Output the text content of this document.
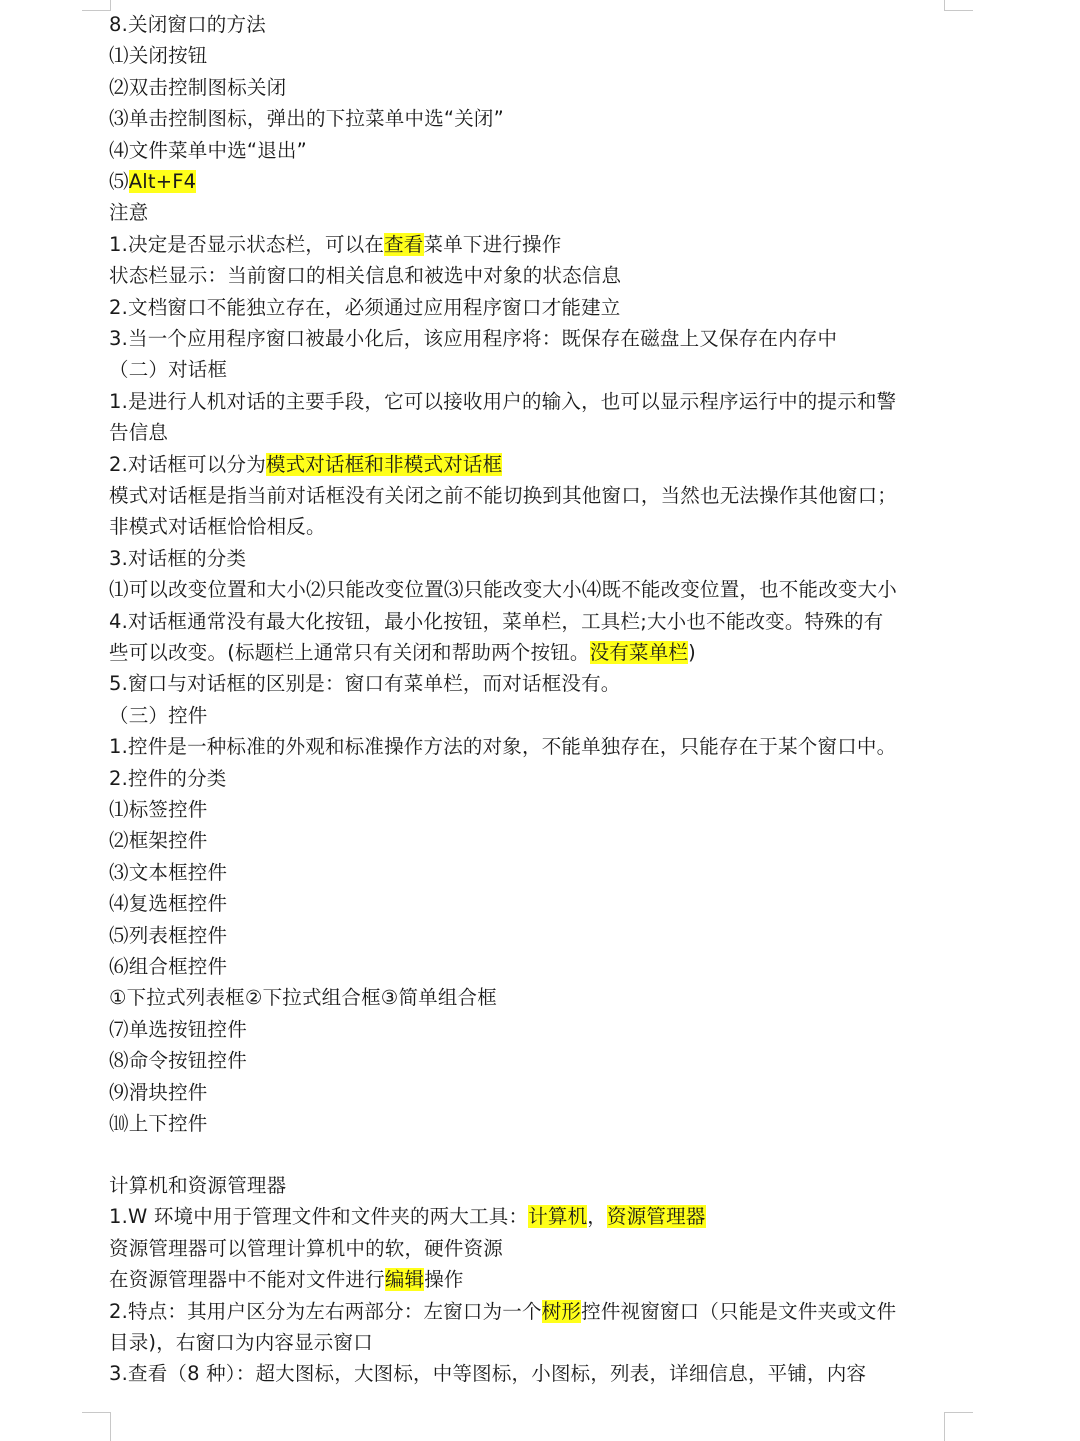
8.关闭窗口的方法
⑴关闭按钮
⑵双击控制图标关闭
⑶单击控制图标，弹出的下拉菜单中选“关闭”
⑷文件菜单中选“退出”
⑸Alt+F4
注意
1.决定是否显示状态栏，可以在查看菜单下进行操作
状态栏显示：当前窗口的相关信息和被选中对象的状态信息
2.文档窗口不能独立存在，必须通过应用程序窗口才能建立
3.当一个应用程序窗口被最小化后，该应用程序将：既保存在磁盘上又保存在内存中
（二）对话框
1.是进行人机对话的主要手段，它可以接收用户的输入，也可以显示程序运行中的提示和警
告信息
2.对话框可以分为模式对话框和非模式对话框
模式对话框是指当前对话框没有关闭之前不能切换到其他窗口，当然也无法操作其他窗口；
非模式对话框恰恰相反。
3.对话框的分类
⑴可以改变位置和大小⑵只能改变位置⑶只能改变大小⑷既不能改变位置，也不能改变大小
4.对话框通常没有最大化按钮，最小化按钮，菜单栏，工具栏;大小也不能改变。特殊的有
些可以改变。(标题栏上通常只有关闭和帮助两个按钮。没有菜单栏)
5.窗口与对话框的区别是：窗口有菜单栏，而对话框没有。
（三）控件
1.控件是一种标准的外观和标准操作方法的对象，不能单独存在，只能存在于某个窗口中。
2.控件的分类
⑴标签控件
⑵框架控件
⑶文本框控件
⑷复选框控件
⑸列表框控件
⑹组合框控件
①下拉式列表框②下拉式组合框③简单组合框
⑺单选按钮控件
⑻命令按钮控件
⑼滑块控件
⑽上下控件
计算机和资源管理器
1.W 环境中用于管理文件和文件夹的两大工具：计算机，资源管理器
资源管理器可以管理计算机中的软，硬件资源
在资源管理器中不能对文件进行编辑操作
2.特点：其用户区分为左右两部分：左窗口为一个树形控件视窗窗口（只能是文件夹或文件
目录)，右窗口为内容显示窗口
3.查看（8 种）：超大图标，大图标，中等图标，小图标，列表，详细信息，平铺，内容
